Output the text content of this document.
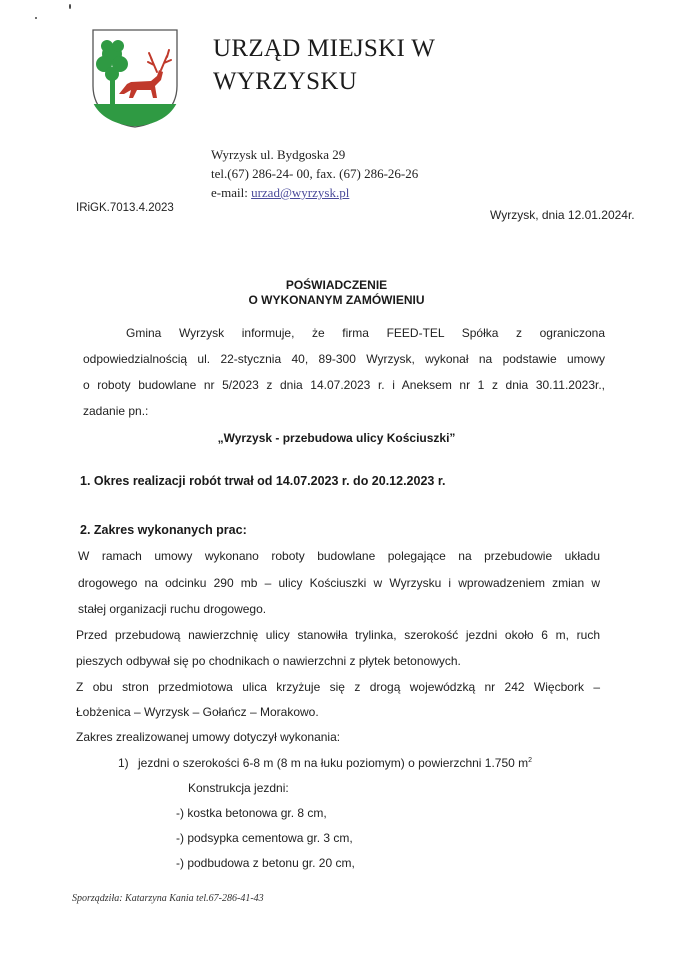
URZĄD MIEJSKI W
WYRZYSKU
Wyrzysk ul. Bydgoska 29
tel.(67) 286-24- 00, fax. (67) 286-26-26
e-mail: urzad@wyrzysk.pl
IRiGK.7013.4.2023	Wyrzysk, dnia 12.01.2024r.
POŚWIADCZENIE
O WYKONANYM ZAMÓWIENIU
Gmina Wyrzysk informuje, że firma FEED-TEL Spółka z ograniczona
odpowiedzialnością ul. 22-stycznia 40, 89-300 Wyrzysk, wykonał na podstawie umowy
o roboty budowlane nr 5/2023 z dnia 14.07.2023 r. i Aneksem nr 1 z dnia 30.11.2023r.,
zadanie pn.:
„Wyrzysk - przebudowa ulicy Kościuszki”
1. Okres realizacji robót trwał od 14.07.2023 r. do 20.12.2023 r.
2. Zakres wykonanych prac:
W ramach umowy wykonano roboty budowlane polegające na przebudowie układu
drogowego na odcinku 290 mb – ulicy Kościuszki w Wyrzysku i wprowadzeniem zmian w
stałej organizacji ruchu drogowego.
Przed przebudową nawierzchnię ulicy stanowiła trylinka, szerokość jezdni około 6 m, ruch
pieszych odbywał się po chodnikach o nawierzchni z płytek betonowych.
Z obu stron przedmiotowa ulica krzyżuje się z drogą wojewódzką nr 242 Więcbork –
Łobżenica – Wyrzysk – Gołańcz – Morakowo.
Zakres zrealizowanej umowy dotyczył wykonania:
1) jezdni o szerokości 6-8 m (8 m na łuku poziomym) o powierzchni 1.750 $m^2$
Konstrukcja jezdni:
-) kostka betonowa gr. 8 cm,
-) podsypka cementowa gr. 3 cm,
-) podbudowa z betonu gr. 20 cm,
Sporządziła: Katarzyna Kania tel.67-286-41-43
